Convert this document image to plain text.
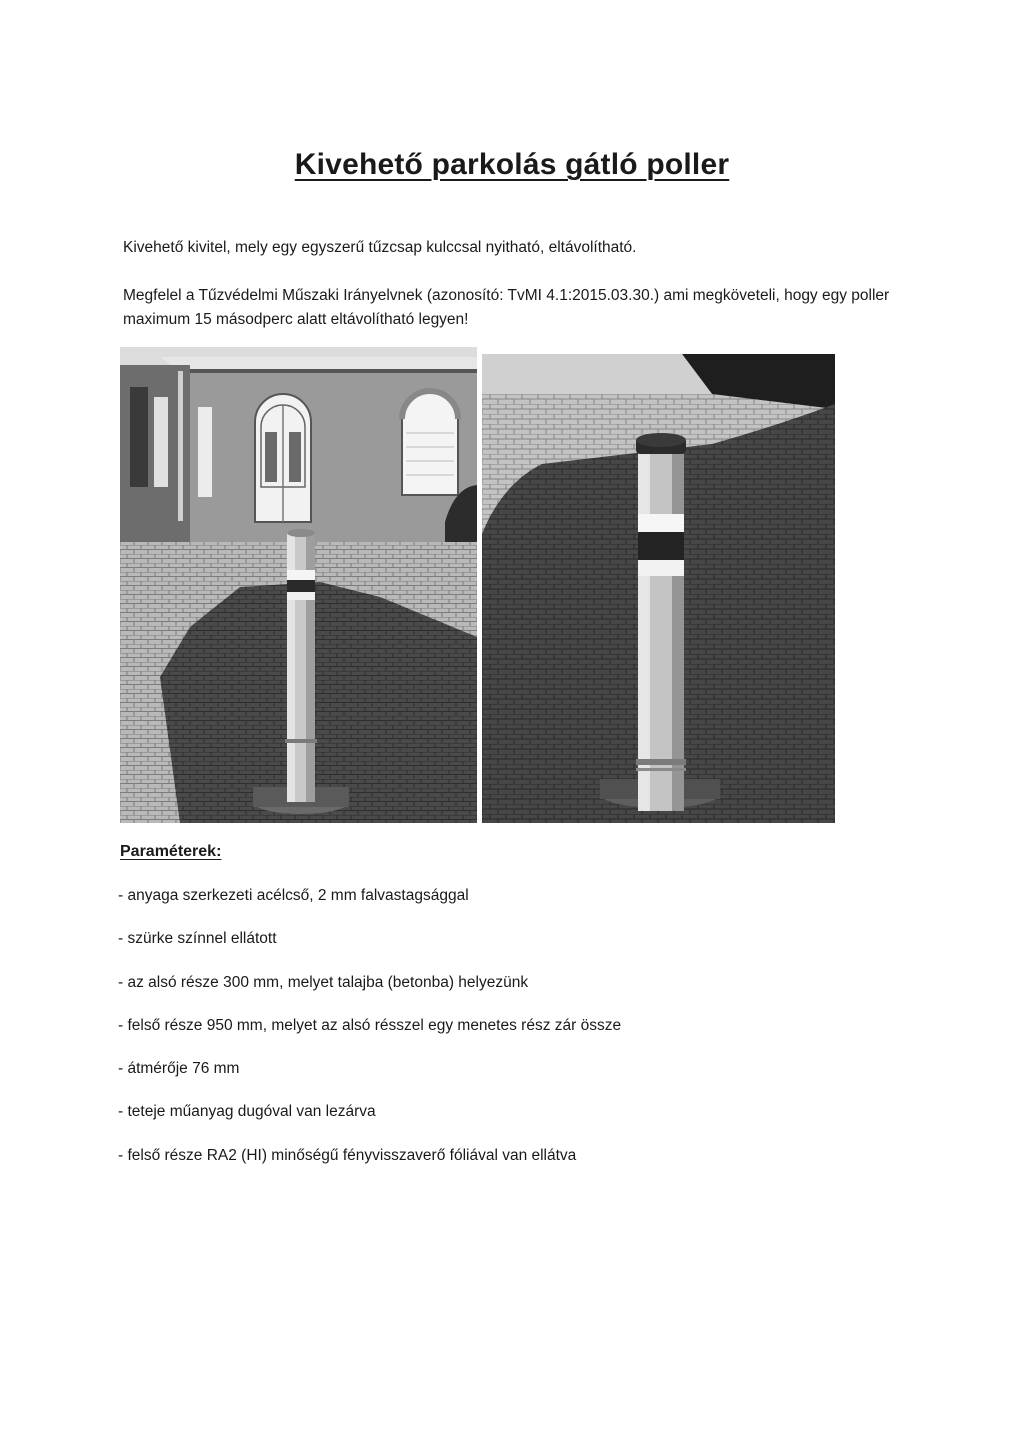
Kivehető parkolás gátló poller

Kivehető kivitel, mely egy egyszerű tűzcsap kulccsal nyitható, eltávolítható.

Megfelel a Tűzvédelmi Műszaki Irányelvnek (azonosító: TvMI 4.1:2015.03.30.) ami megköveteli, hogy egy poller maximum 15 másodperc alatt eltávolítható legyen!

Paraméterek:
- anyaga szerkezeti acélcső, 2 mm falvastagsággal
- szürke színnel ellátott
- az alsó része 300 mm, melyet talajba (betonba) helyezünk
- felső része 950 mm, melyet az alsó résszel egy menetes rész zár össze
- átmérője 76 mm
- teteje műanyag dugóval van lezárva
- felső része RA2 (HI) minőségű fényvisszaverő fóliával van ellátva
